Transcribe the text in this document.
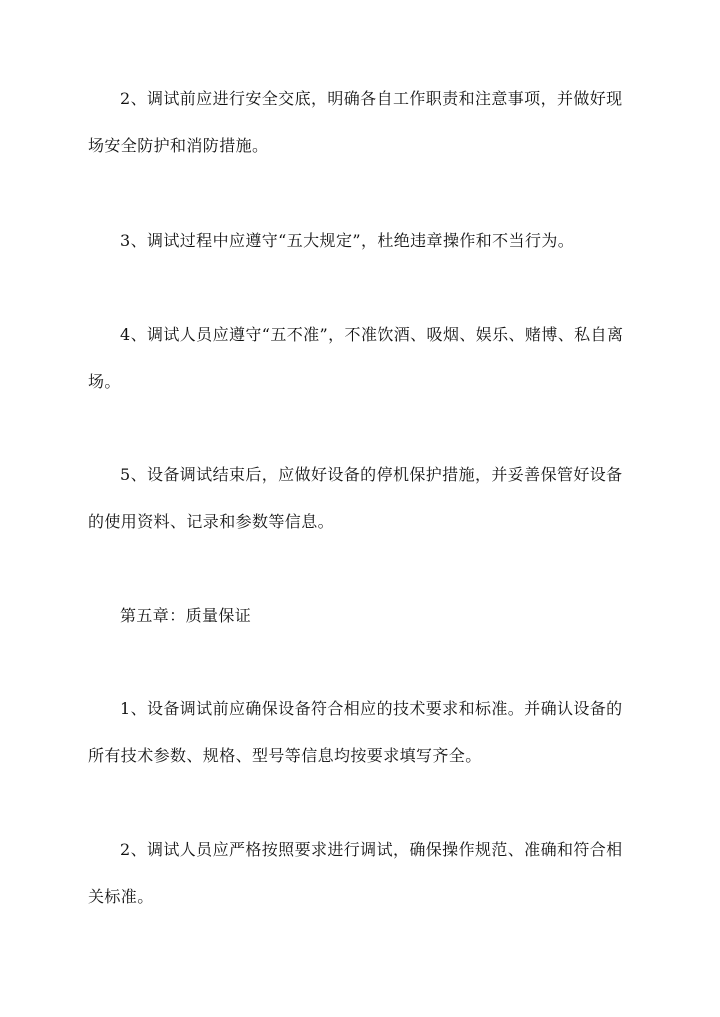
2、调试前应进行安全交底，明确各自工作职责和注意事项，并做好现场安全防护和消防措施。

3、调试过程中应遵守“五大规定”，杜绝违章操作和不当行为。

4、调试人员应遵守“五不准”，不准饮酒、吸烟、娱乐、赌博、私自离场。

5、设备调试结束后，应做好设备的停机保护措施，并妥善保管好设备的使用资料、记录和参数等信息。

第五章：质量保证

1、设备调试前应确保设备符合相应的技术要求和标准。并确认设备的所有技术参数、规格、型号等信息均按要求填写齐全。

2、调试人员应严格按照要求进行调试，确保操作规范、准确和符合相关标准。
